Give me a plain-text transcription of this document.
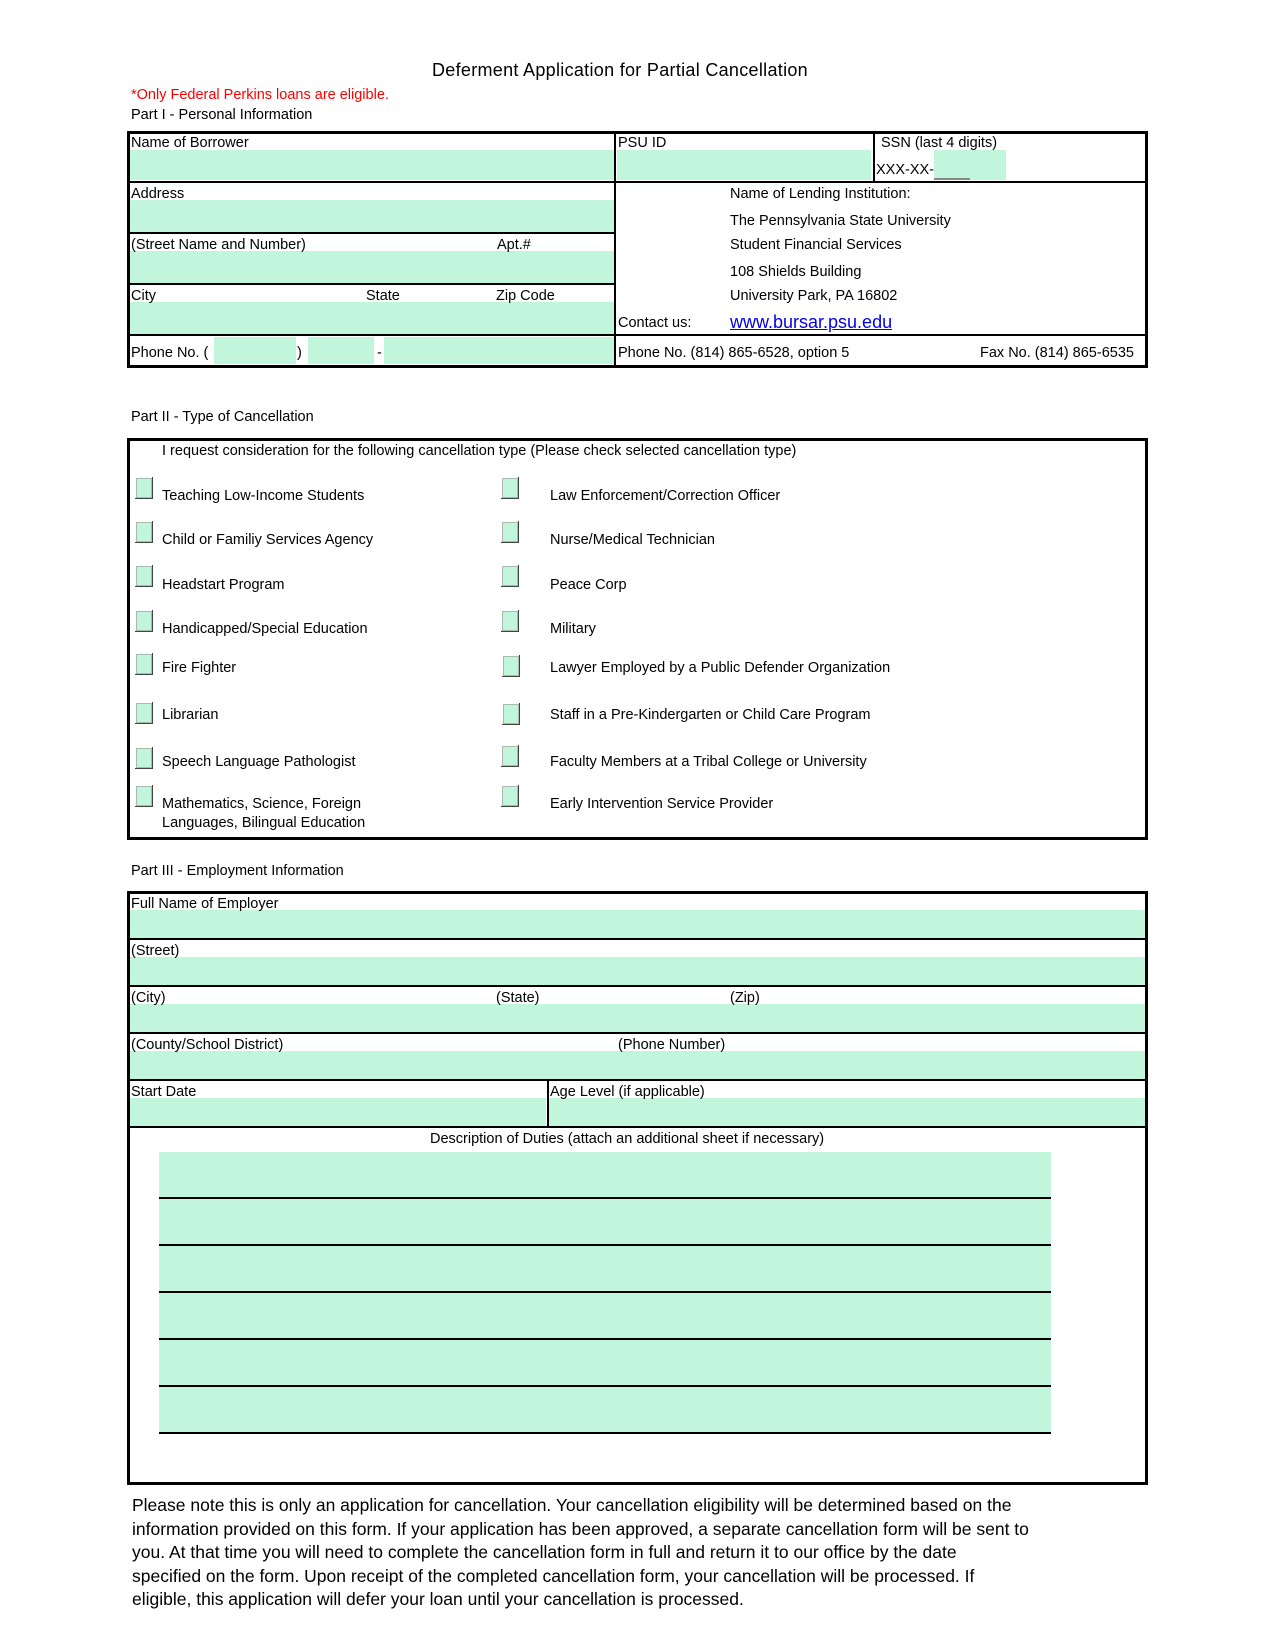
Deferment Application for Partial Cancellation
*Only Federal Perkins loans are eligible.
Part I - Personal Information
Name of Borrower	PSU ID	SSN (last 4 digits)
XXX-XX-
Address
(Street Name and Number)	Apt.#
City	State	Zip Code
Phone No. (	)	-
Name of Lending Institution:
The Pennsylvania State University
Student Financial Services
108 Shields Building
University Park, PA 16802
Contact us: www.bursar.psu.edu
Phone No. (814) 865-6528, option 5	Fax No. (814) 865-6535
Part II - Type of Cancellation
I request consideration for the following cancellation type (Please check selected cancellation type)
Teaching Low-Income Students
Child or Familiy Services Agency
Headstart Program
Handicapped/Special Education
Fire Fighter
Librarian
Speech Language Pathologist
Mathematics, Science, Foreign
Languages, Bilingual Education
Law Enforcement/Correction Officer
Nurse/Medical Technician
Peace Corp
Military
Lawyer Employed by a Public Defender Organization
Staff in a Pre-Kindergarten or Child Care Program
Faculty Members at a Tribal College or University
Early Intervention Service Provider
Part III - Employment Information
Full Name of Employer
(Street)
(City)	(State)	(Zip)
(County/School District)	(Phone Number)
Start Date	Age Level (if applicable)
Description of Duties (attach an additional sheet if necessary)
Please note this is only an application for cancellation. Your cancellation eligibility will be determined based on the
information provided on this form. If your application has been approved, a separate cancellation form will be sent to
you. At that time you will need to complete the cancellation form in full and return it to our office by the date
specified on the form. Upon receipt of the completed cancellation form, your cancellation will be processed. If
eligible, this application will defer your loan until your cancellation is processed.
